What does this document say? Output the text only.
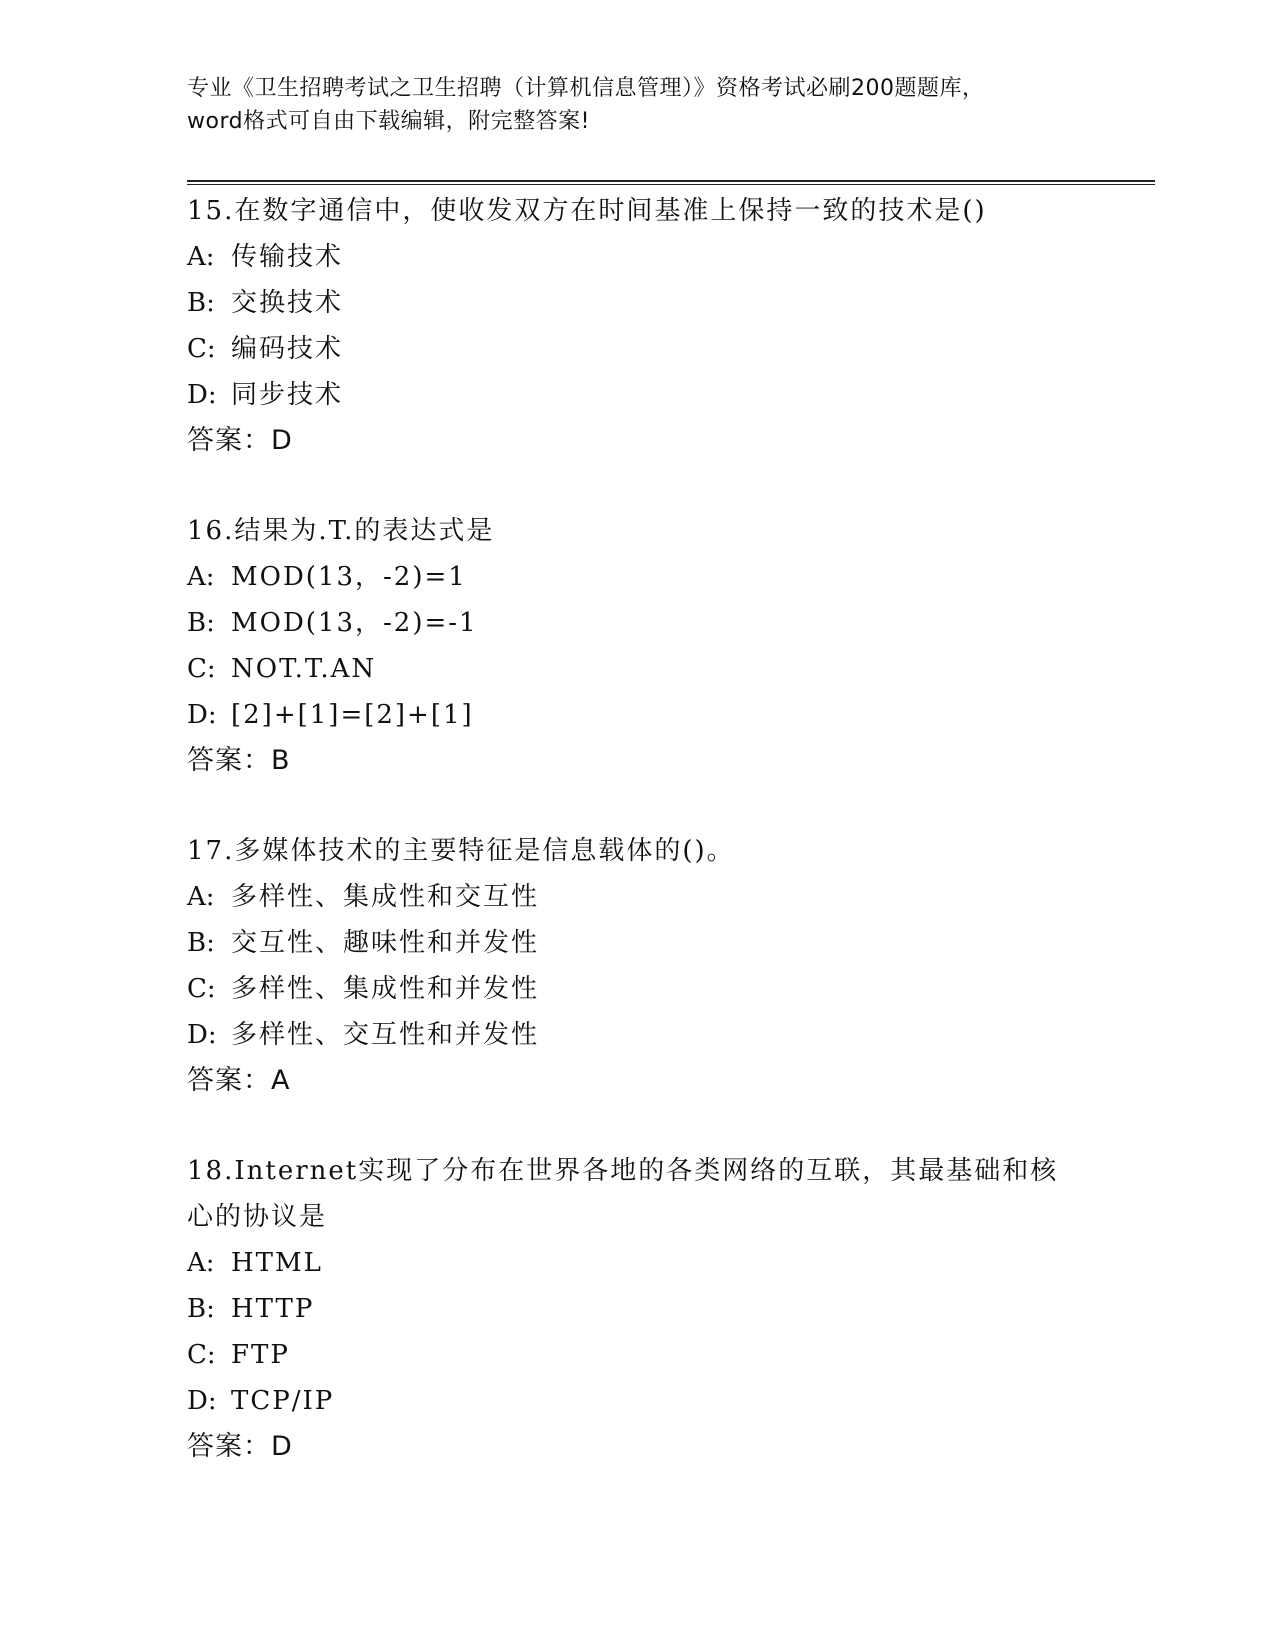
专业《卫生招聘考试之卫生招聘（计算机信息管理）》资格考试必刷200题题库，
word格式可自由下载编辑，附完整答案!
15.在数字通信中，使收发双方在时间基准上保持一致的技术是()
A: 传输技术
B: 交换技术
C: 编码技术
D: 同步技术
答案：D
16.结果为.T.的表达式是
A: MOD(13，-2)=1
B: MOD(13，-2)=-1
C: NOT.T.AN
D: [2]+[1]=[2]+[1]
答案：B
17.多媒体技术的主要特征是信息载体的()。
A: 多样性、集成性和交互性
B: 交互性、趣味性和并发性
C: 多样性、集成性和并发性
D: 多样性、交互性和并发性
答案：A
18.Internet实现了分布在世界各地的各类网络的互联，其最基础和核
心的协议是
A: HTML
B: HTTP
C: FTP
D: TCP/IP
答案：D
